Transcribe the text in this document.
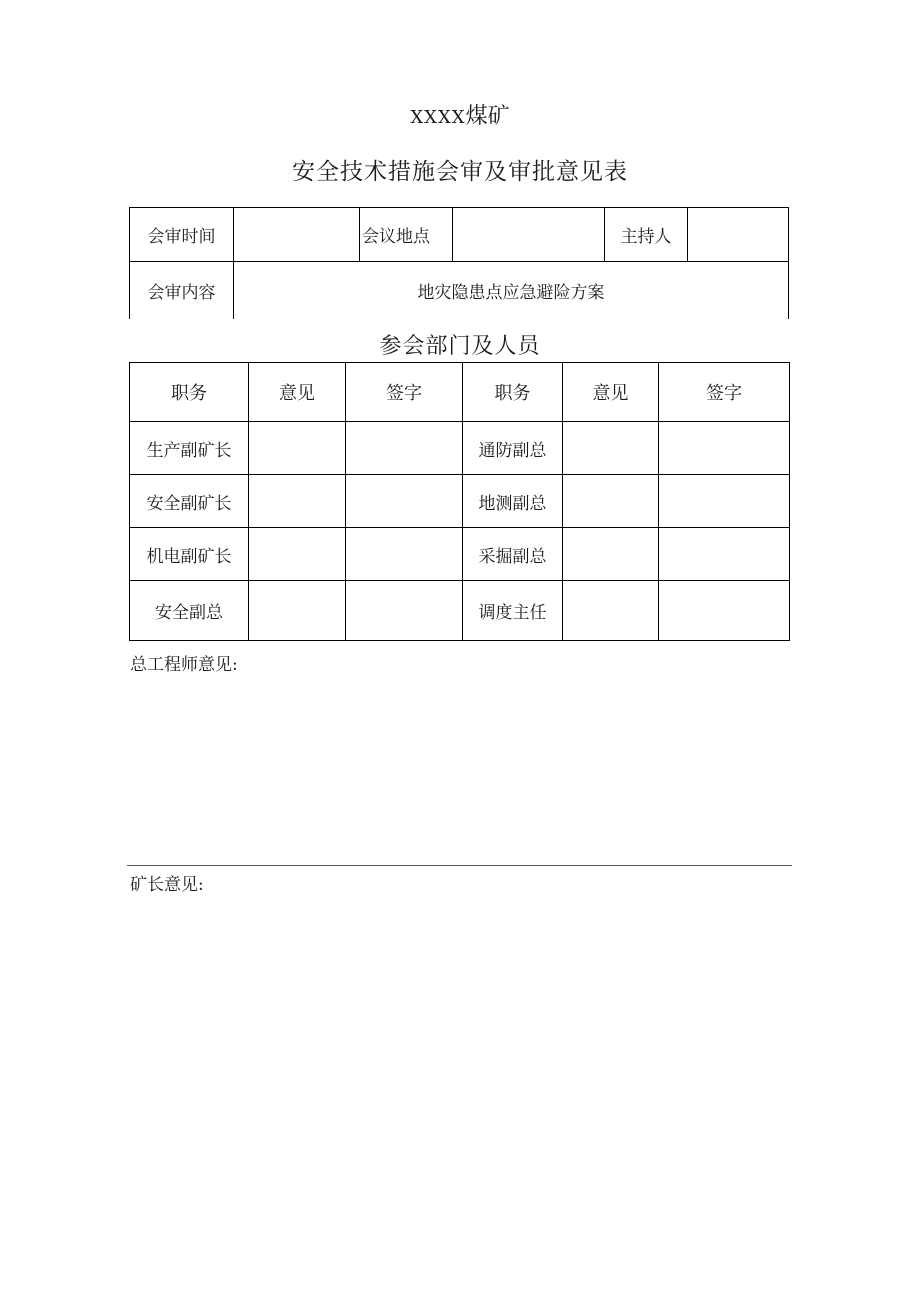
XXXX煤矿
安全技术措施会审及审批意见表
会审时间		会议地点		主持人	
会审内容	地灾隐患点应急避险方案				
参会部门及人员
职务	意见	签字	职务	意见	签字
生产副矿长			通防副总		
安全副矿长			地测副总		
机电副矿长			采掘副总		
安全副总			调度主任		
总工程师意见:
矿长意见:
